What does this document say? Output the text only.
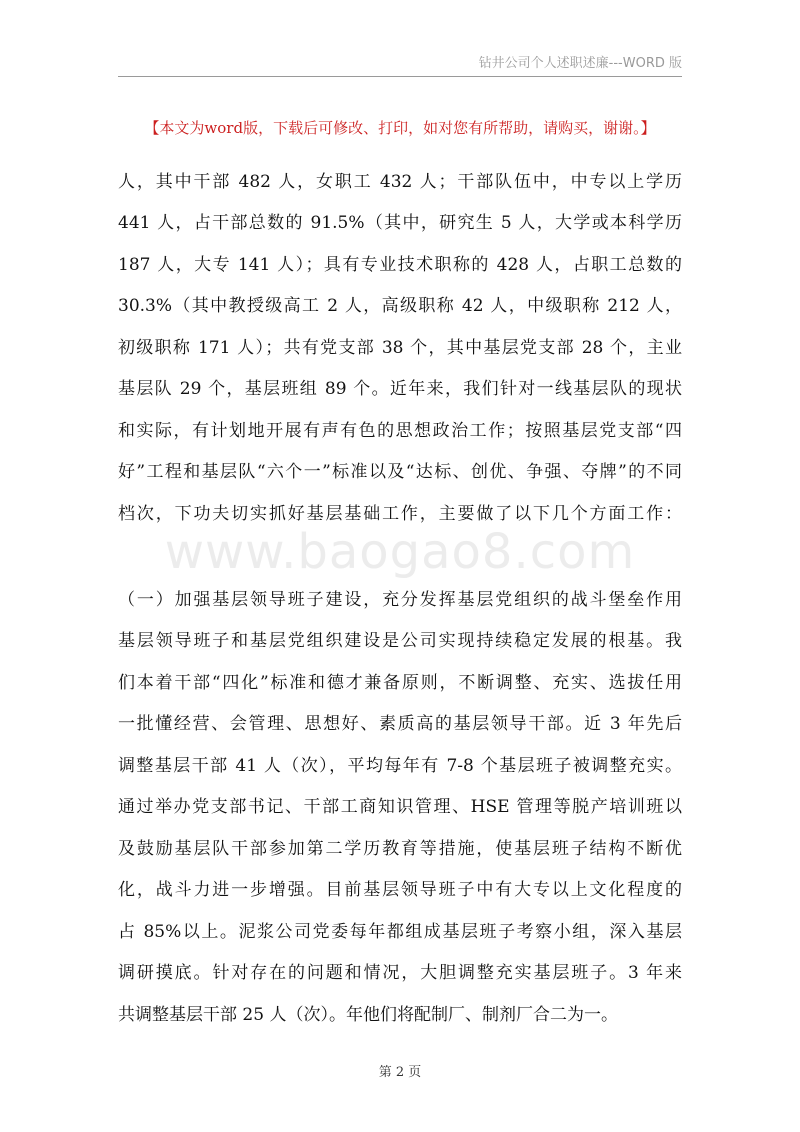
钻井公司个人述职述廉---WORD 版
【本文为word版，下载后可修改、打印，如对您有所帮助，请购买，谢谢。】
人，其中干部 482 人，女职工 432 人；干部队伍中，中专以上学历
441 人，占干部总数的 91.5%（其中，研究生 5 人，大学或本科学历
187 人，大专 141 人）；具有专业技术职称的 428 人，占职工总数的
30.3%（其中教授级高工 2 人，高级职称 42 人，中级职称 212 人，
初级职称 171 人）；共有党支部 38 个，其中基层党支部 28 个，主业
基层队 29 个，基层班组 89 个。近年来，我们针对一线基层队的现状
和实际，有计划地开展有声有色的思想政治工作；按照基层党支部“四
好”工程和基层队“六个一”标准以及“达标、创优、争强、夺牌”的不同
档次，下功夫切实抓好基层基础工作，主要做了以下几个方面工作：
www.baogao8.com
（一）加强基层领导班子建设，充分发挥基层党组织的战斗堡垒作用
基层领导班子和基层党组织建设是公司实现持续稳定发展的根基。我
们本着干部“四化”标准和德才兼备原则，不断调整、充实、选拔任用
一批懂经营、会管理、思想好、素质高的基层领导干部。近 3 年先后
调整基层干部 41 人（次），平均每年有 7-8 个基层班子被调整充实。
通过举办党支部书记、干部工商知识管理、HSE 管理等脱产培训班以
及鼓励基层队干部参加第二学历教育等措施，使基层班子结构不断优
化，战斗力进一步增强。目前基层领导班子中有大专以上文化程度的
占 85%以上。泥浆公司党委每年都组成基层班子考察小组，深入基层
调研摸底。针对存在的问题和情况，大胆调整充实基层班子。3 年来
共调整基层干部 25 人（次）。年他们将配制厂、制剂厂合二为一。
第 2 页
